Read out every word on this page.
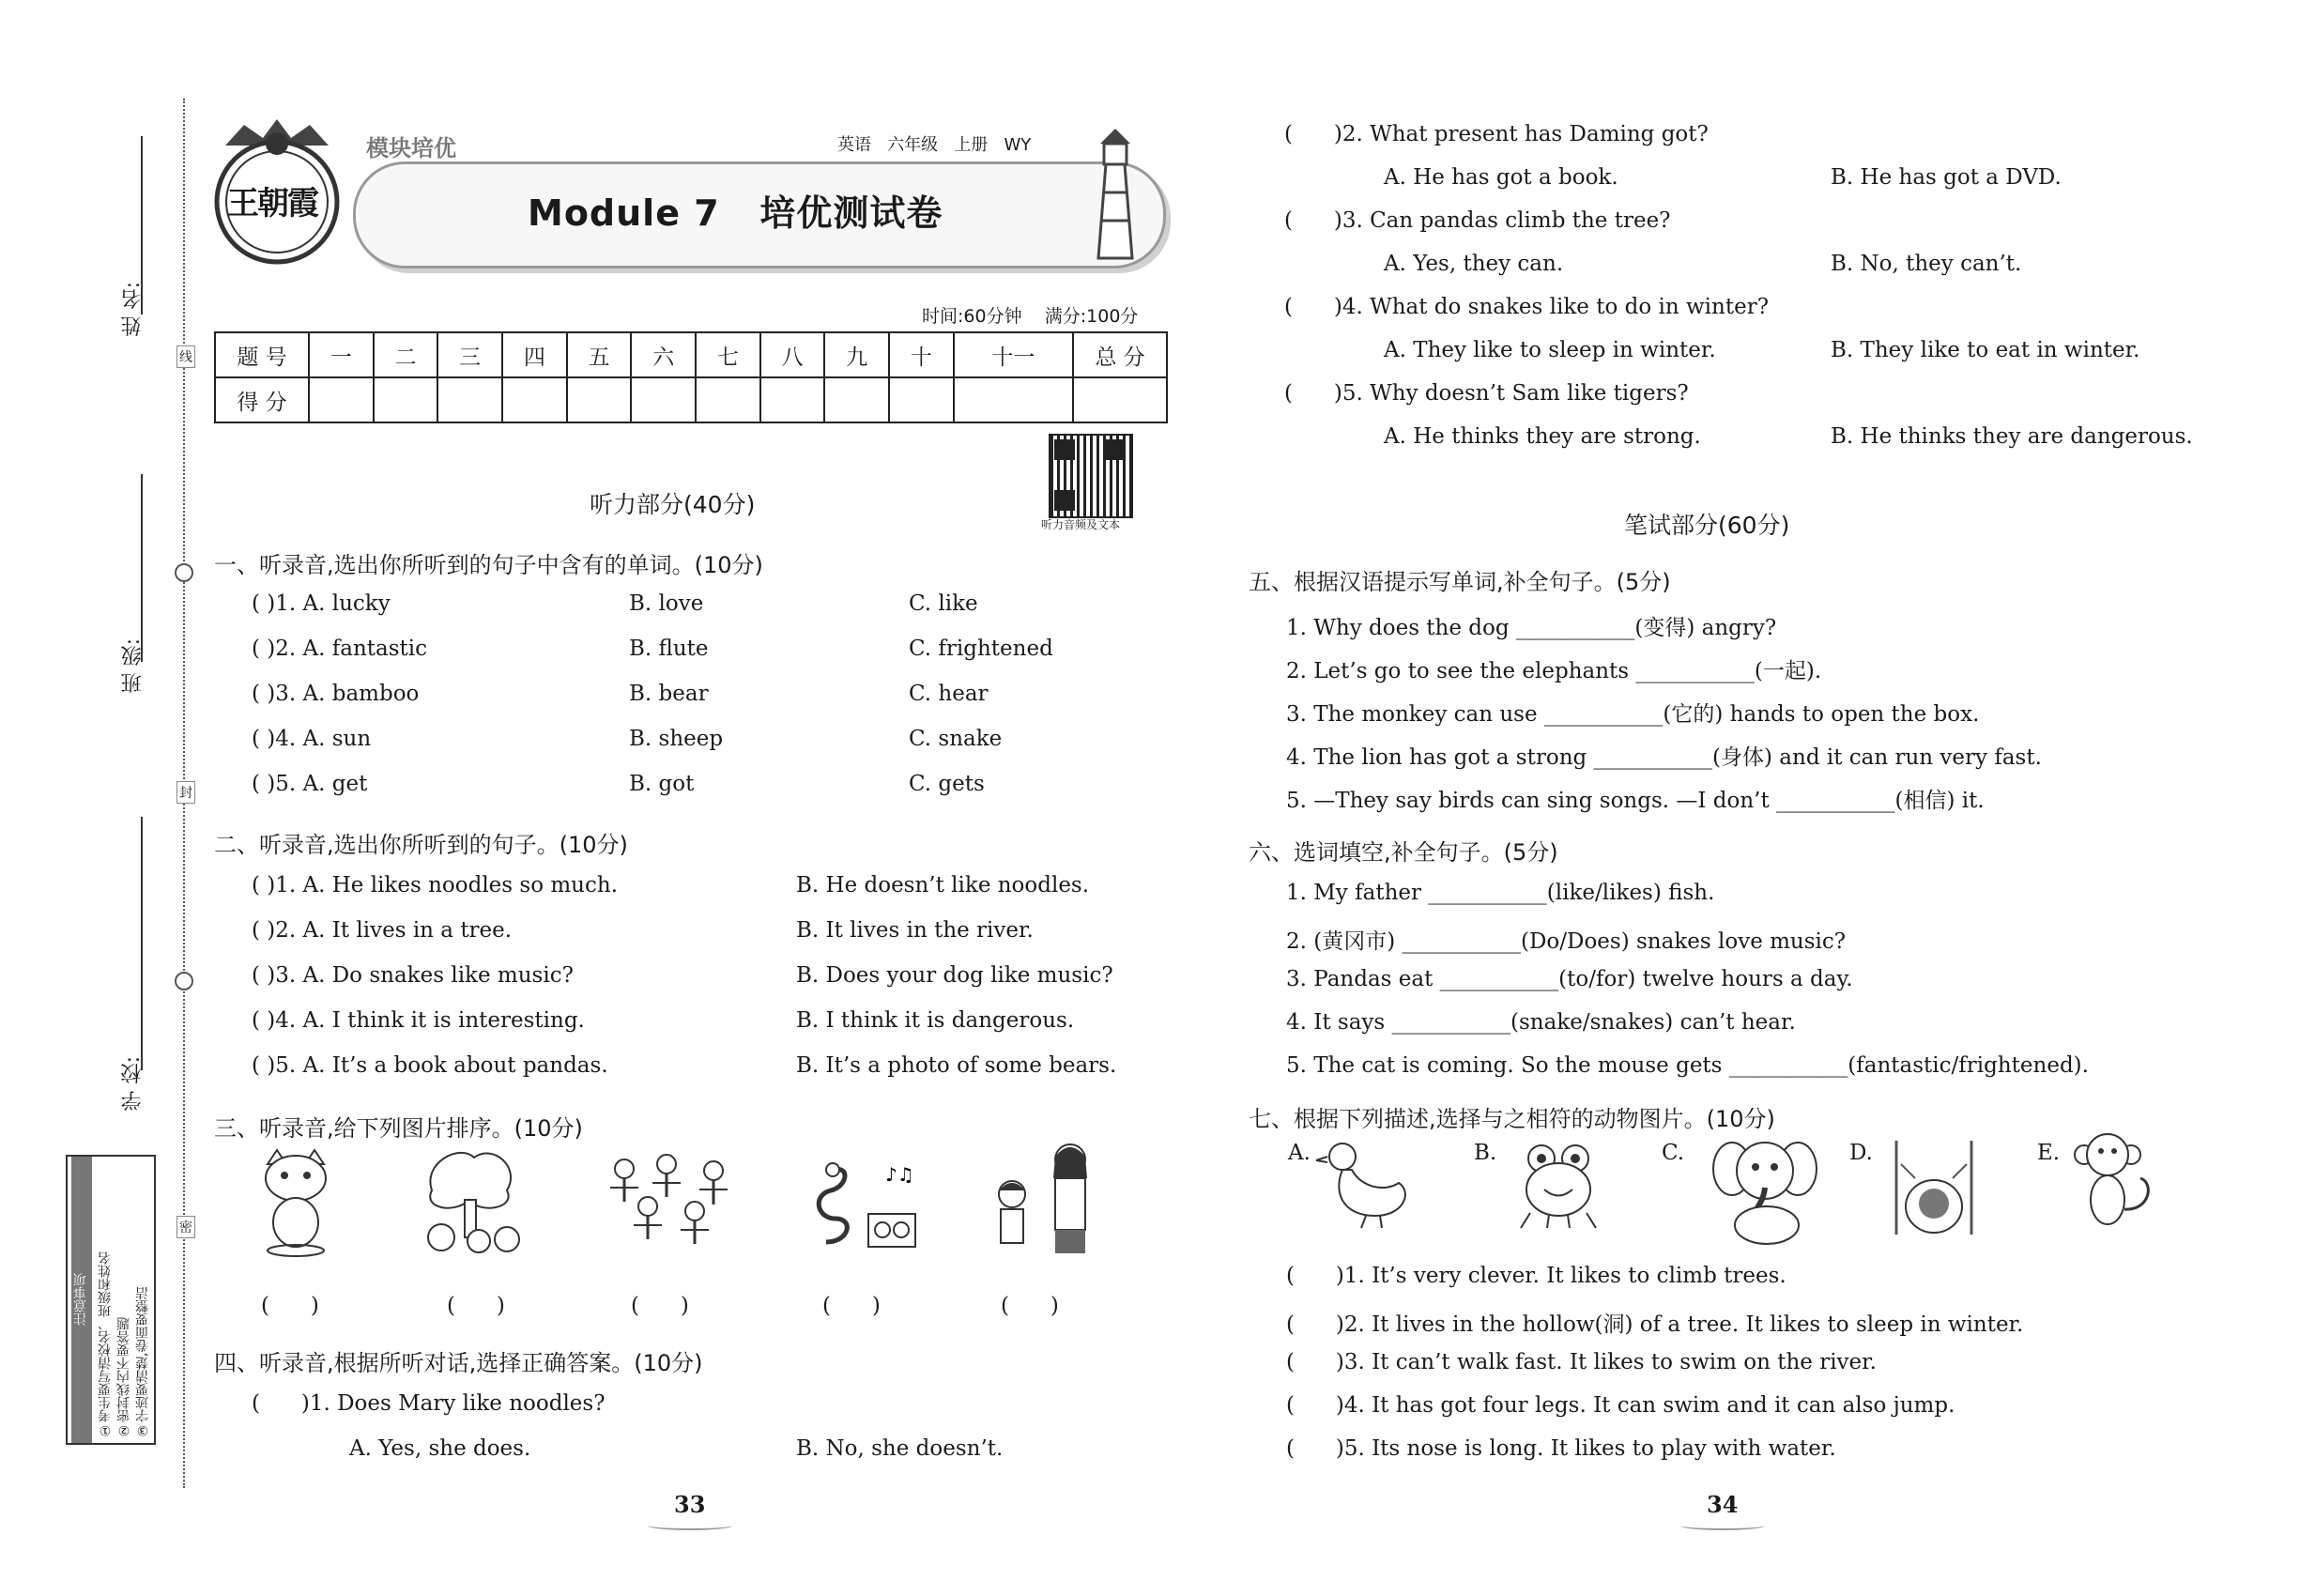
线
封
密
姓 名:
班 级:
学 校:
注意事项 ①考生要写清校名、班级和姓名 ②密封线内不要答题 ③字迹要清楚,卷面要整洁
王朝霞
模块培优	英语   六年级   上册   WY
Module 7   培优测试卷
时间:60分钟    满分:100分
题 号	一	二	三	四	五	六	七	八	九	十	十一	总 分
得 分												
听力音频及文本
听力部分(40分)
一、听录音,选出你所听到的句子中含有的单词。(10分)
( )1. A. lucky	B. love	C. like
( )2. A. fantastic	B. flute	C. frightened
( )3. A. bamboo	B. bear	C. hear
( )4. A. sun	B. sheep	C. snake
( )5. A. get	B. got	C. gets
二、听录音,选出你所听到的句子。(10分)
( )1. A. He likes noodles so much.	B. He doesn’t like noodles.
( )2. A. It lives in a tree.	B. It lives in the river.
( )3. A. Do snakes like music?	B. Does your dog like music?
( )4. A. I think it is interesting.	B. I think it is dangerous.
( )5. A. It’s a book about pandas.	B. It’s a photo of some bears.
三、听录音,给下列图片排序。(10分)
♪♫
(      )	(      )	(      )	(      )	(      )
四、听录音,根据所听对话,选择正确答案。(10分)
(      )1. Does Mary like noodles?
A. Yes, she does.	B. No, she doesn’t.
(      )2. What present has Daming got?
A. He has got a book.	B. He has got a DVD.
(      )3. Can pandas climb the tree?
A. Yes, they can.	B. No, they can’t.
(      )4. What do snakes like to do in winter?
A. They like to sleep in winter.	B. They like to eat in winter.
(      )5. Why doesn’t Sam like tigers?
A. He thinks they are strong.	B. He thinks they are dangerous.
笔试部分(60分)
五、根据汉语提示写单词,补全句子。(5分)
1. Why does the dog ___________(变得) angry?
2. Let’s go to see the elephants ___________(一起).
3. The monkey can use ___________(它的) hands to open the box.
4. The lion has got a strong ___________(身体) and it can run very fast.
5. —They say birds can sing songs. —I don’t ___________(相信) it.
六、选词填空,补全句子。(5分)
1. My father ___________(like/likes) fish.
2. (黄冈市) ___________(Do/Does) snakes love music?
3. Pandas eat ___________(to/for) twelve hours a day.
4. It says ___________(snake/snakes) can’t hear.
5. The cat is coming. So the mouse gets ___________(fantastic/frightened).
七、根据下列描述,选择与之相符的动物图片。(10分)
A.	B.	C.	D.	E.
(      )1. It’s very clever. It likes to climb trees.
(      )2. It lives in the hollow(洞) of a tree. It likes to sleep in winter.
(      )3. It can’t walk fast. It likes to swim on the river.
(      )4. It has got four legs. It can swim and it can also jump.
(      )5. Its nose is long. It likes to play with water.
33	34
